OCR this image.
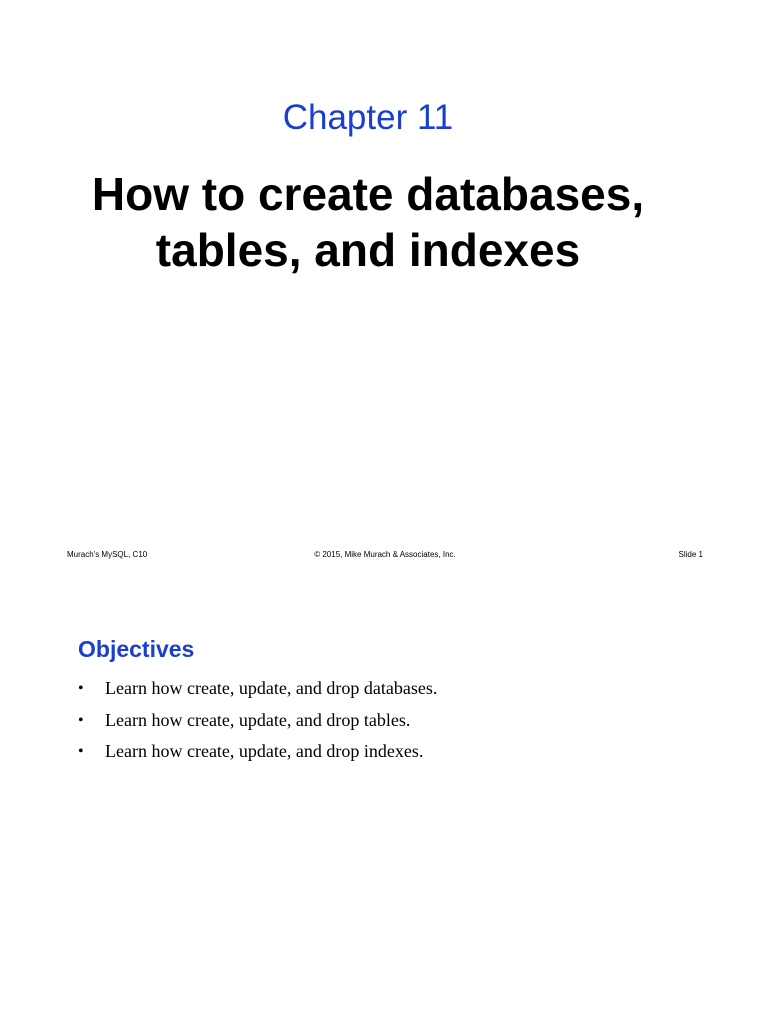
Chapter 11
How to create databases,
tables, and indexes
Murach's MySQL, C10	© 2015, Mike Murach & Associates, Inc.	Slide 1
Objectives
• Learn how create, update, and drop databases.
• Learn how create, update, and drop tables.
• Learn how create, update, and drop indexes.
